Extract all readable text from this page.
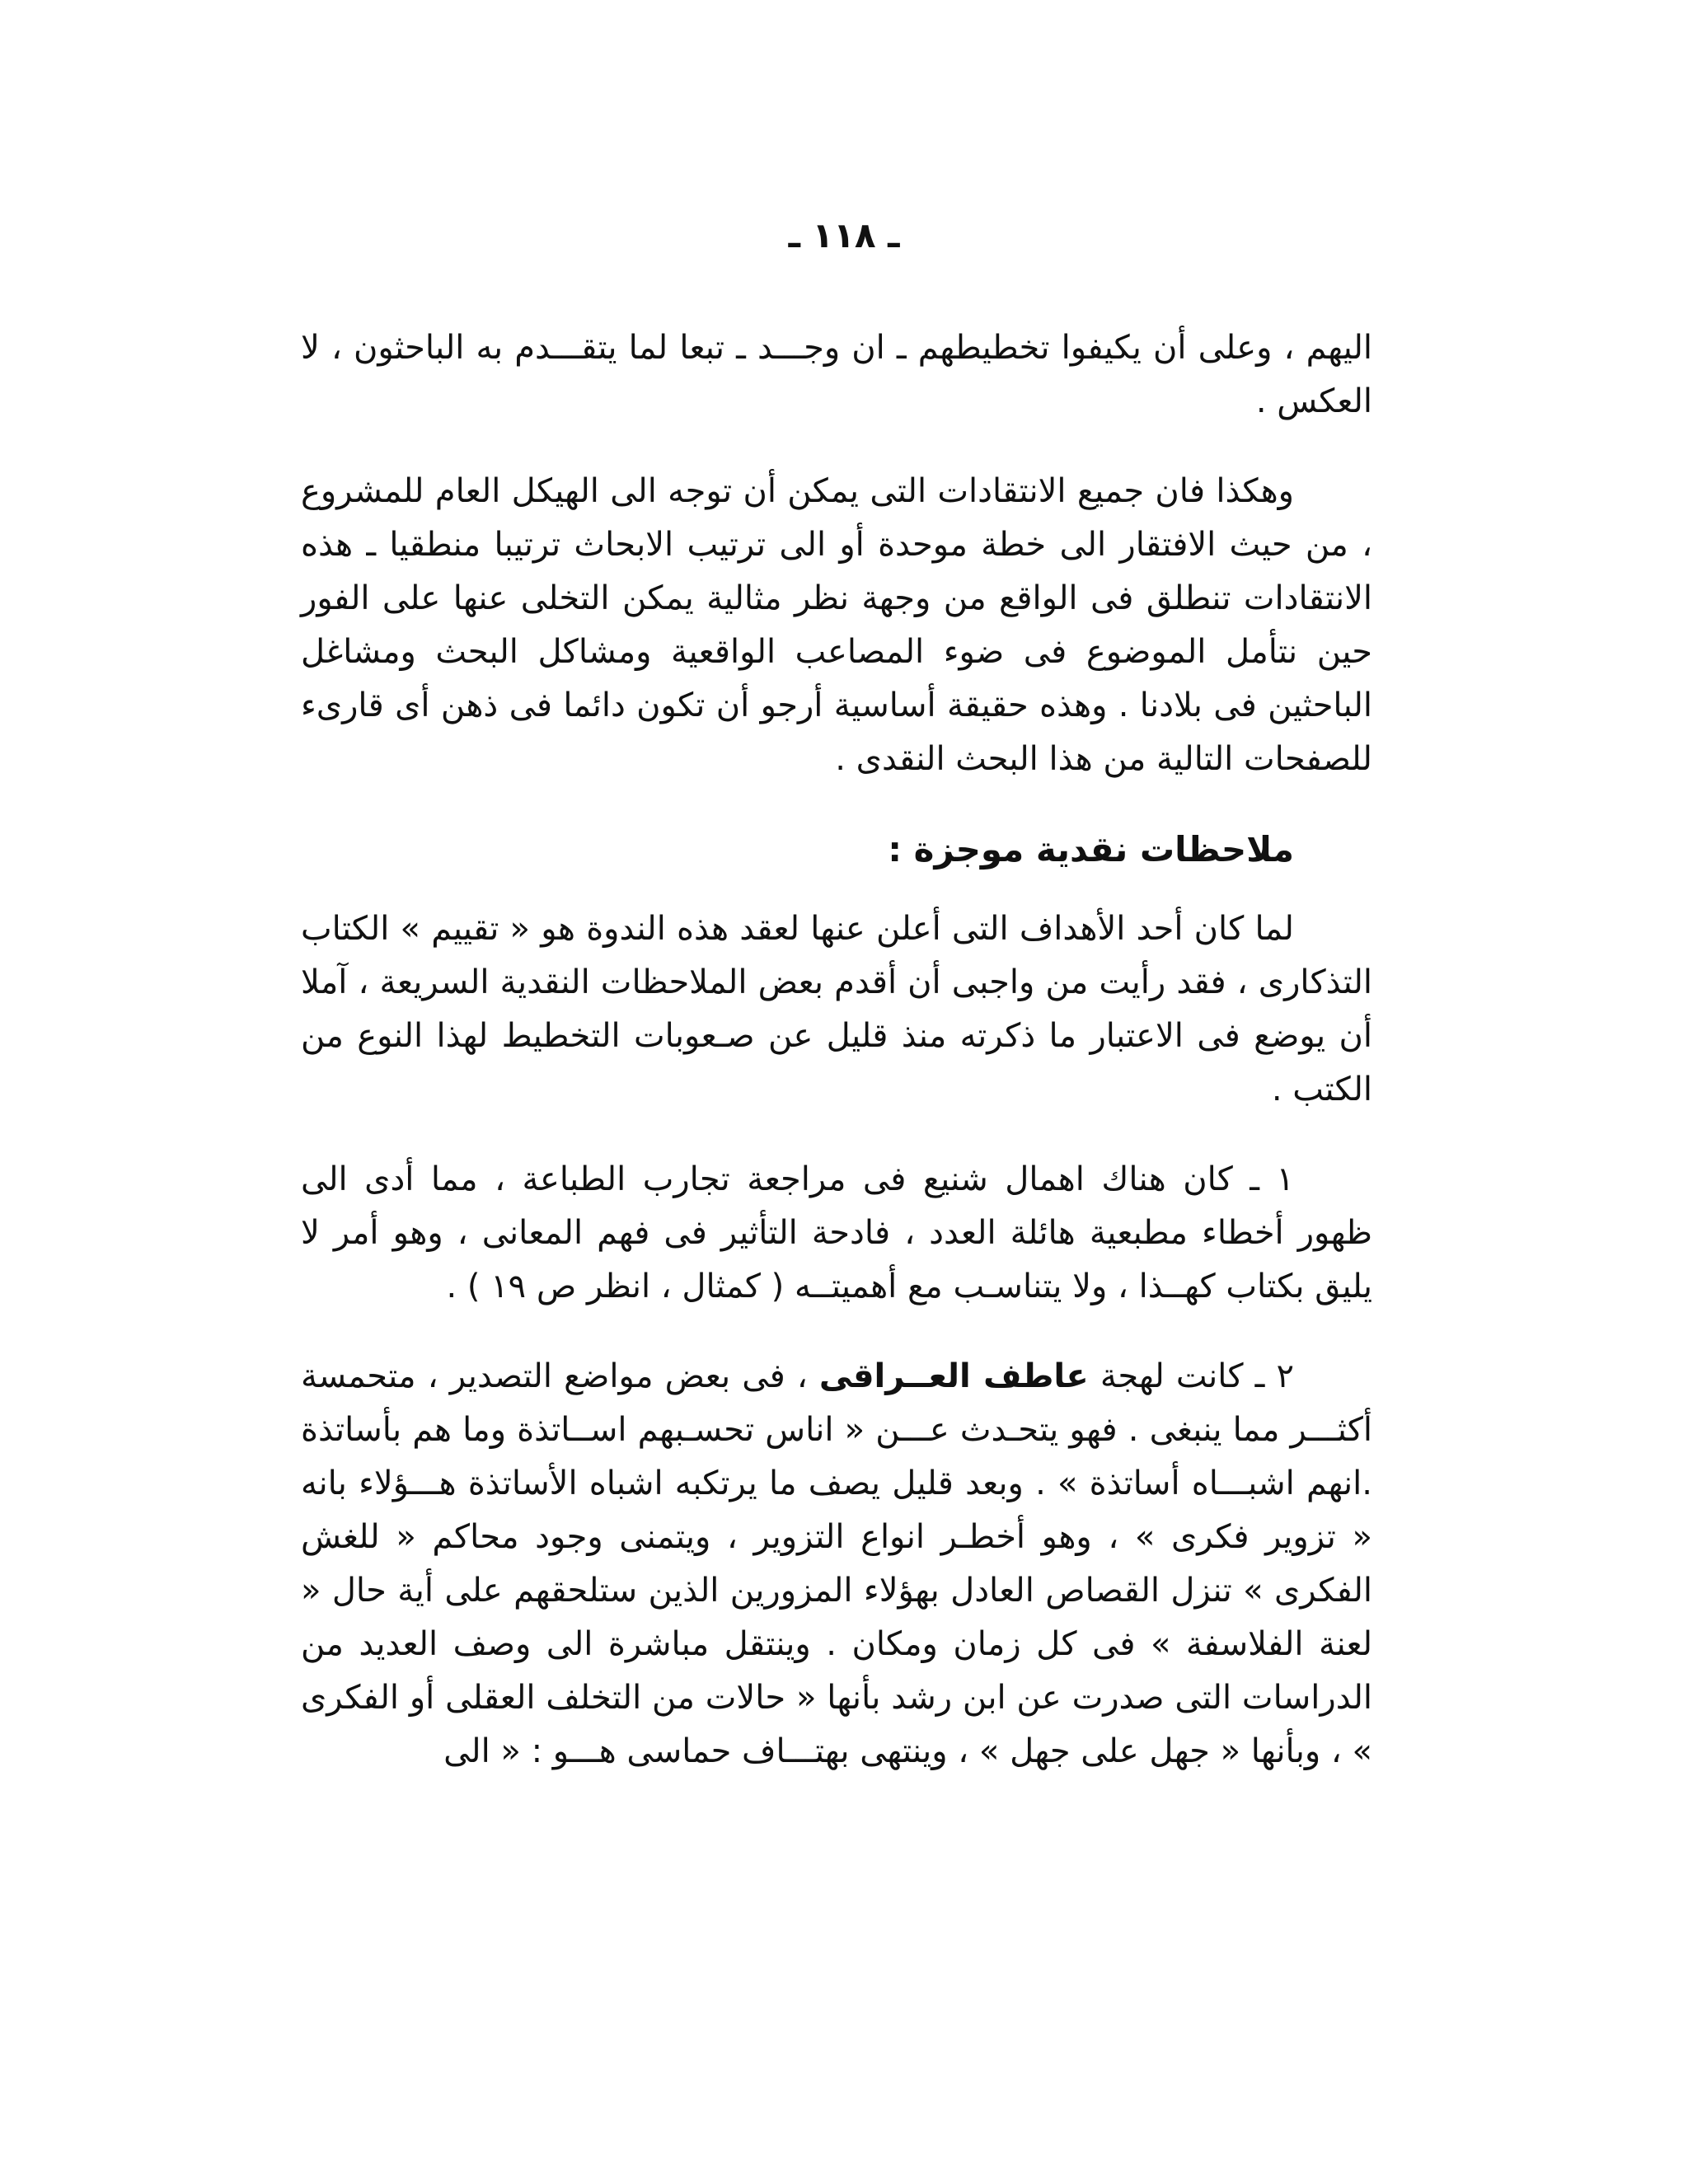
ـ ١١٨ ـ

اليهم ، وعلى أن يكيفوا تخطيطهم ـ ان وجـــد ـ تبعا لما يتقـــدم به الباحثون ، لا العكس .

وهكذا فان جميع الانتقادات التى يمكن أن توجه الى الهيكل العام للمشروع ، من حيث الافتقار الى خطة موحدة أو الى ترتيب الابحاث ترتيبا منطقيا ـ هذه الانتقادات تنطلق فى الواقع من وجهة نظر مثالية يمكن التخلى عنها على الفور حين نتأمل الموضوع فى ضوء المصاعب الواقعية ومشاكل البحث ومشاغل الباحثين فى بلادنا . وهذه حقيقة أساسية أرجو أن تكون دائما فى ذهن أى قارىء للصفحات التالية من هذا البحث النقدى .

ملاحظات نقدية موجزة :

لما كان أحد الأهداف التى أعلن عنها لعقد هذه الندوة هو « تقييم » الكتاب التذكارى ، فقد رأيت من واجبى أن أقدم بعض الملاحظات النقدية السريعة ، آملا أن يوضع فى الاعتبار ما ذكرته منذ قليل عن صـعوبات التخطيط لهذا النوع من الكتب .

١ ـ كان هناك اهمال شنيع فى مراجعة تجارب الطباعة ، مما أدى الى ظهور أخطاء مطبعية هائلة العدد ، فادحة التأثير فى فهم المعانى ، وهو أمر لا يليق بكتاب كهــذا ، ولا يتناسـب مع أهميتــه ( كمثال ، انظر ص ١٩ ) .

٢ ـ كانت لهجة عاطف العــراقى ، فى بعض مواضع التصدير ، متحمسة أكثـــر مما ينبغى . فهو يتحـدث عـــن « اناس تحسـبهم اســاتذة وما هم بأساتذة .انهم اشبـــاه أساتذة » . وبعد قليل يصف ما يرتكبه اشباه الأساتذة هـــؤلاء بانه « تزوير فكرى » ، وهو أخطـر انواع التزوير ، ويتمنى وجود محاكم « للغش الفكرى » تنزل القصاص العادل بهؤلاء المزورين الذين ستلحقهم على أية حال « لعنة الفلاسفة » فى كل زمان ومكان . وينتقل مباشرة الى وصف العديد من الدراسات التى صدرت عن ابن رشد بأنها « حالات من التخلف العقلى أو الفكرى » ، وبأنها « جهل على جهل » ، وينتهى بهتـــاف حماسى هـــو : « الى
